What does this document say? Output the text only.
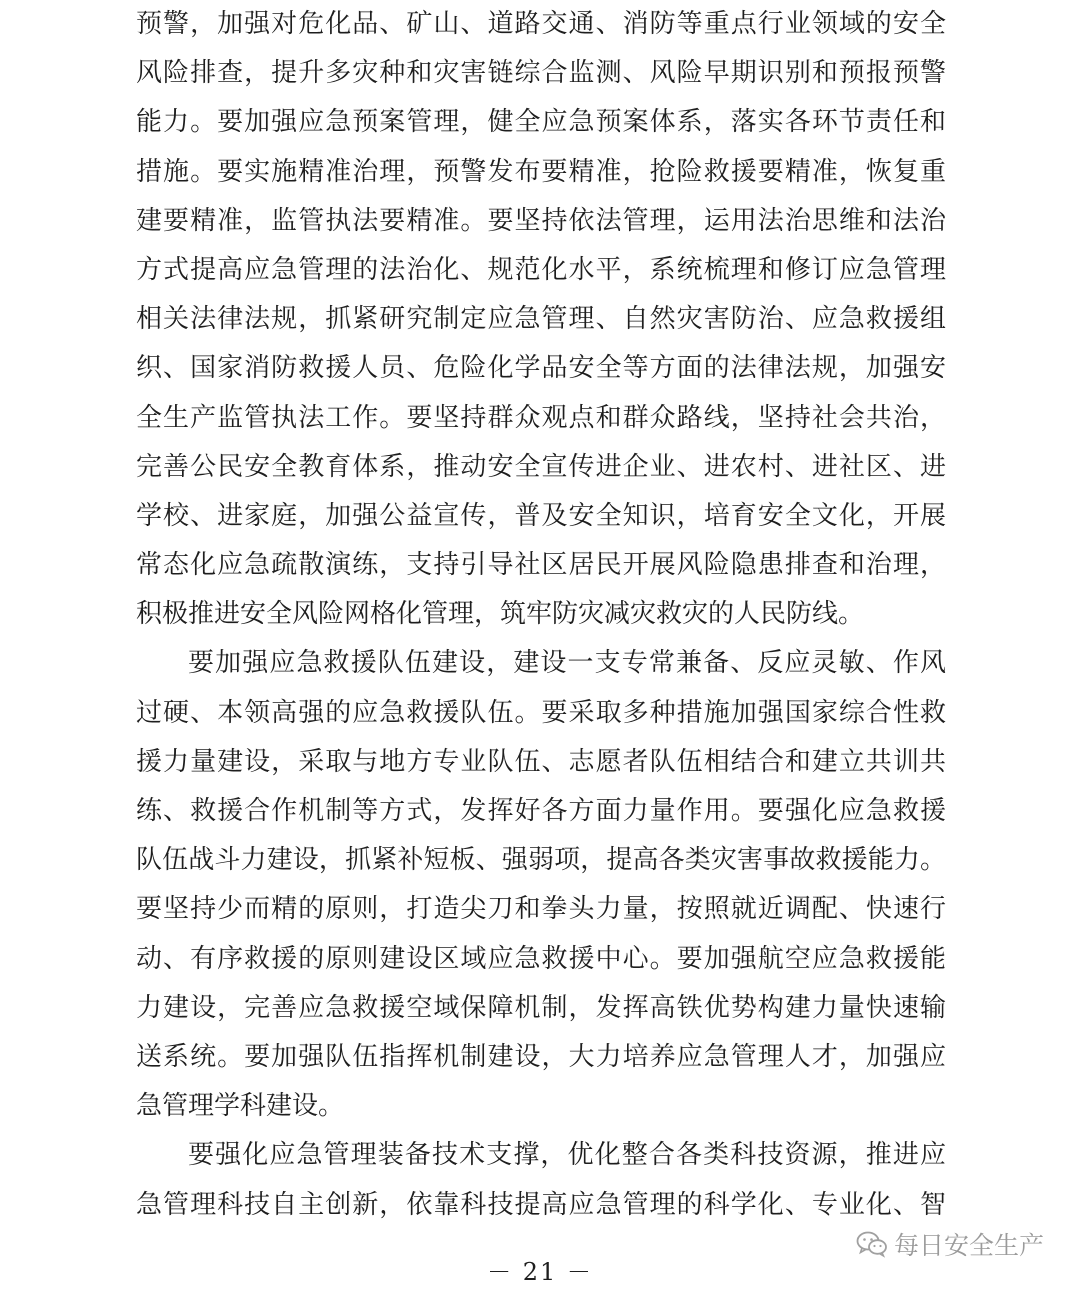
预警，加强对危化品、矿山、道路交通、消防等重点行业领域的安全
风险排查，提升多灾种和灾害链综合监测、风险早期识别和预报预警
能力。要加强应急预案管理，健全应急预案体系，落实各环节责任和
措施。要实施精准治理，预警发布要精准，抢险救援要精准，恢复重
建要精准，监管执法要精准。要坚持依法管理，运用法治思维和法治
方式提高应急管理的法治化、规范化水平，系统梳理和修订应急管理
相关法律法规，抓紧研究制定应急管理、自然灾害防治、应急救援组
织、国家消防救援人员、危险化学品安全等方面的法律法规，加强安
全生产监管执法工作。要坚持群众观点和群众路线，坚持社会共治，
完善公民安全教育体系，推动安全宣传进企业、进农村、进社区、进
学校、进家庭，加强公益宣传，普及安全知识，培育安全文化，开展
常态化应急疏散演练，支持引导社区居民开展风险隐患排查和治理，
积极推进安全风险网格化管理，筑牢防灾减灾救灾的人民防线。
要加强应急救援队伍建设，建设一支专常兼备、反应灵敏、作风
过硬、本领高强的应急救援队伍。要采取多种措施加强国家综合性救
援力量建设，采取与地方专业队伍、志愿者队伍相结合和建立共训共
练、救援合作机制等方式，发挥好各方面力量作用。要强化应急救援
队伍战斗力建设，抓紧补短板、强弱项，提高各类灾害事故救援能力。
要坚持少而精的原则，打造尖刀和拳头力量，按照就近调配、快速行
动、有序救援的原则建设区域应急救援中心。要加强航空应急救援能
力建设，完善应急救援空域保障机制，发挥高铁优势构建力量快速输
送系统。要加强队伍指挥机制建设，大力培养应急管理人才，加强应
急管理学科建设。
要强化应急管理装备技术支撑，优化整合各类科技资源，推进应
急管理科技自主创新，依靠科技提高应急管理的科学化、专业化、智
每日安全生产
－ 21 －
